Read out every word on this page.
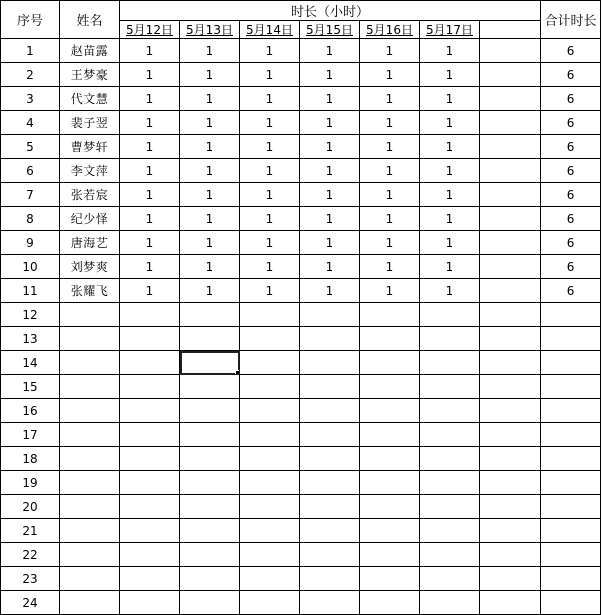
序号	姓名	时长（小时）							合计时长
		5月12日	5月13日	5月14日	5月15日	5月16日	5月17日		
1	赵苗露	1	1	1	1	1	1		6
2	王梦豪	1	1	1	1	1	1		6
3	代文慧	1	1	1	1	1	1		6
4	裴子翌	1	1	1	1	1	1		6
5	曹梦轩	1	1	1	1	1	1		6
6	李文萍	1	1	1	1	1	1		6
7	张若宸	1	1	1	1	1	1		6
8	纪少怿	1	1	1	1	1	1		6
9	唐海艺	1	1	1	1	1	1		6
10	刘梦爽	1	1	1	1	1	1		6
11	张耀飞	1	1	1	1	1	1		6
12									
13									
14			

15									
16									
17									
18									
19									
20									
21									
22									
23									
24									
